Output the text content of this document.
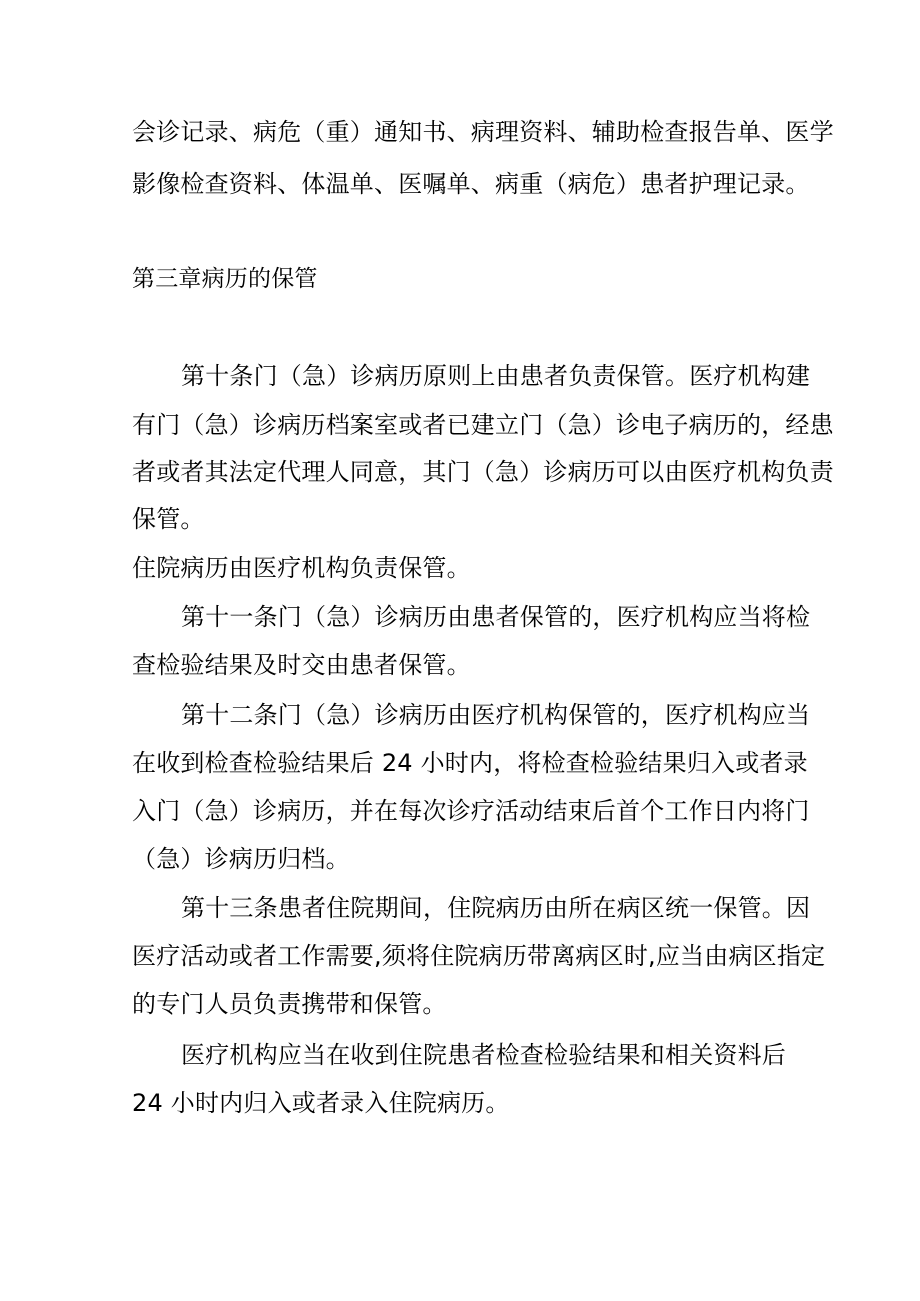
会诊记录、病危（重）通知书、病理资料、辅助检查报告单、医学
影像检查资料、体温单、医嘱单、病重（病危）患者护理记录。
第三章病历的保管
第十条门（急）诊病历原则上由患者负责保管。医疗机构建
有门（急）诊病历档案室或者已建立门（急）诊电子病历的，经患
者或者其法定代理人同意，其门（急）诊病历可以由医疗机构负责
保管。
住院病历由医疗机构负责保管。
第十一条门（急）诊病历由患者保管的，医疗机构应当将检
查检验结果及时交由患者保管。
第十二条门（急）诊病历由医疗机构保管的，医疗机构应当
在收到检查检验结果后 24 小时内，将检查检验结果归入或者录
入门（急）诊病历，并在每次诊疗活动结束后首个工作日内将门
（急）诊病历归档。
第十三条患者住院期间，住院病历由所在病区统一保管。因
医疗活动或者工作需要,须将住院病历带离病区时,应当由病区指定
的专门人员负责携带和保管。
医疗机构应当在收到住院患者检查检验结果和相关资料后
24 小时内归入或者录入住院病历。
